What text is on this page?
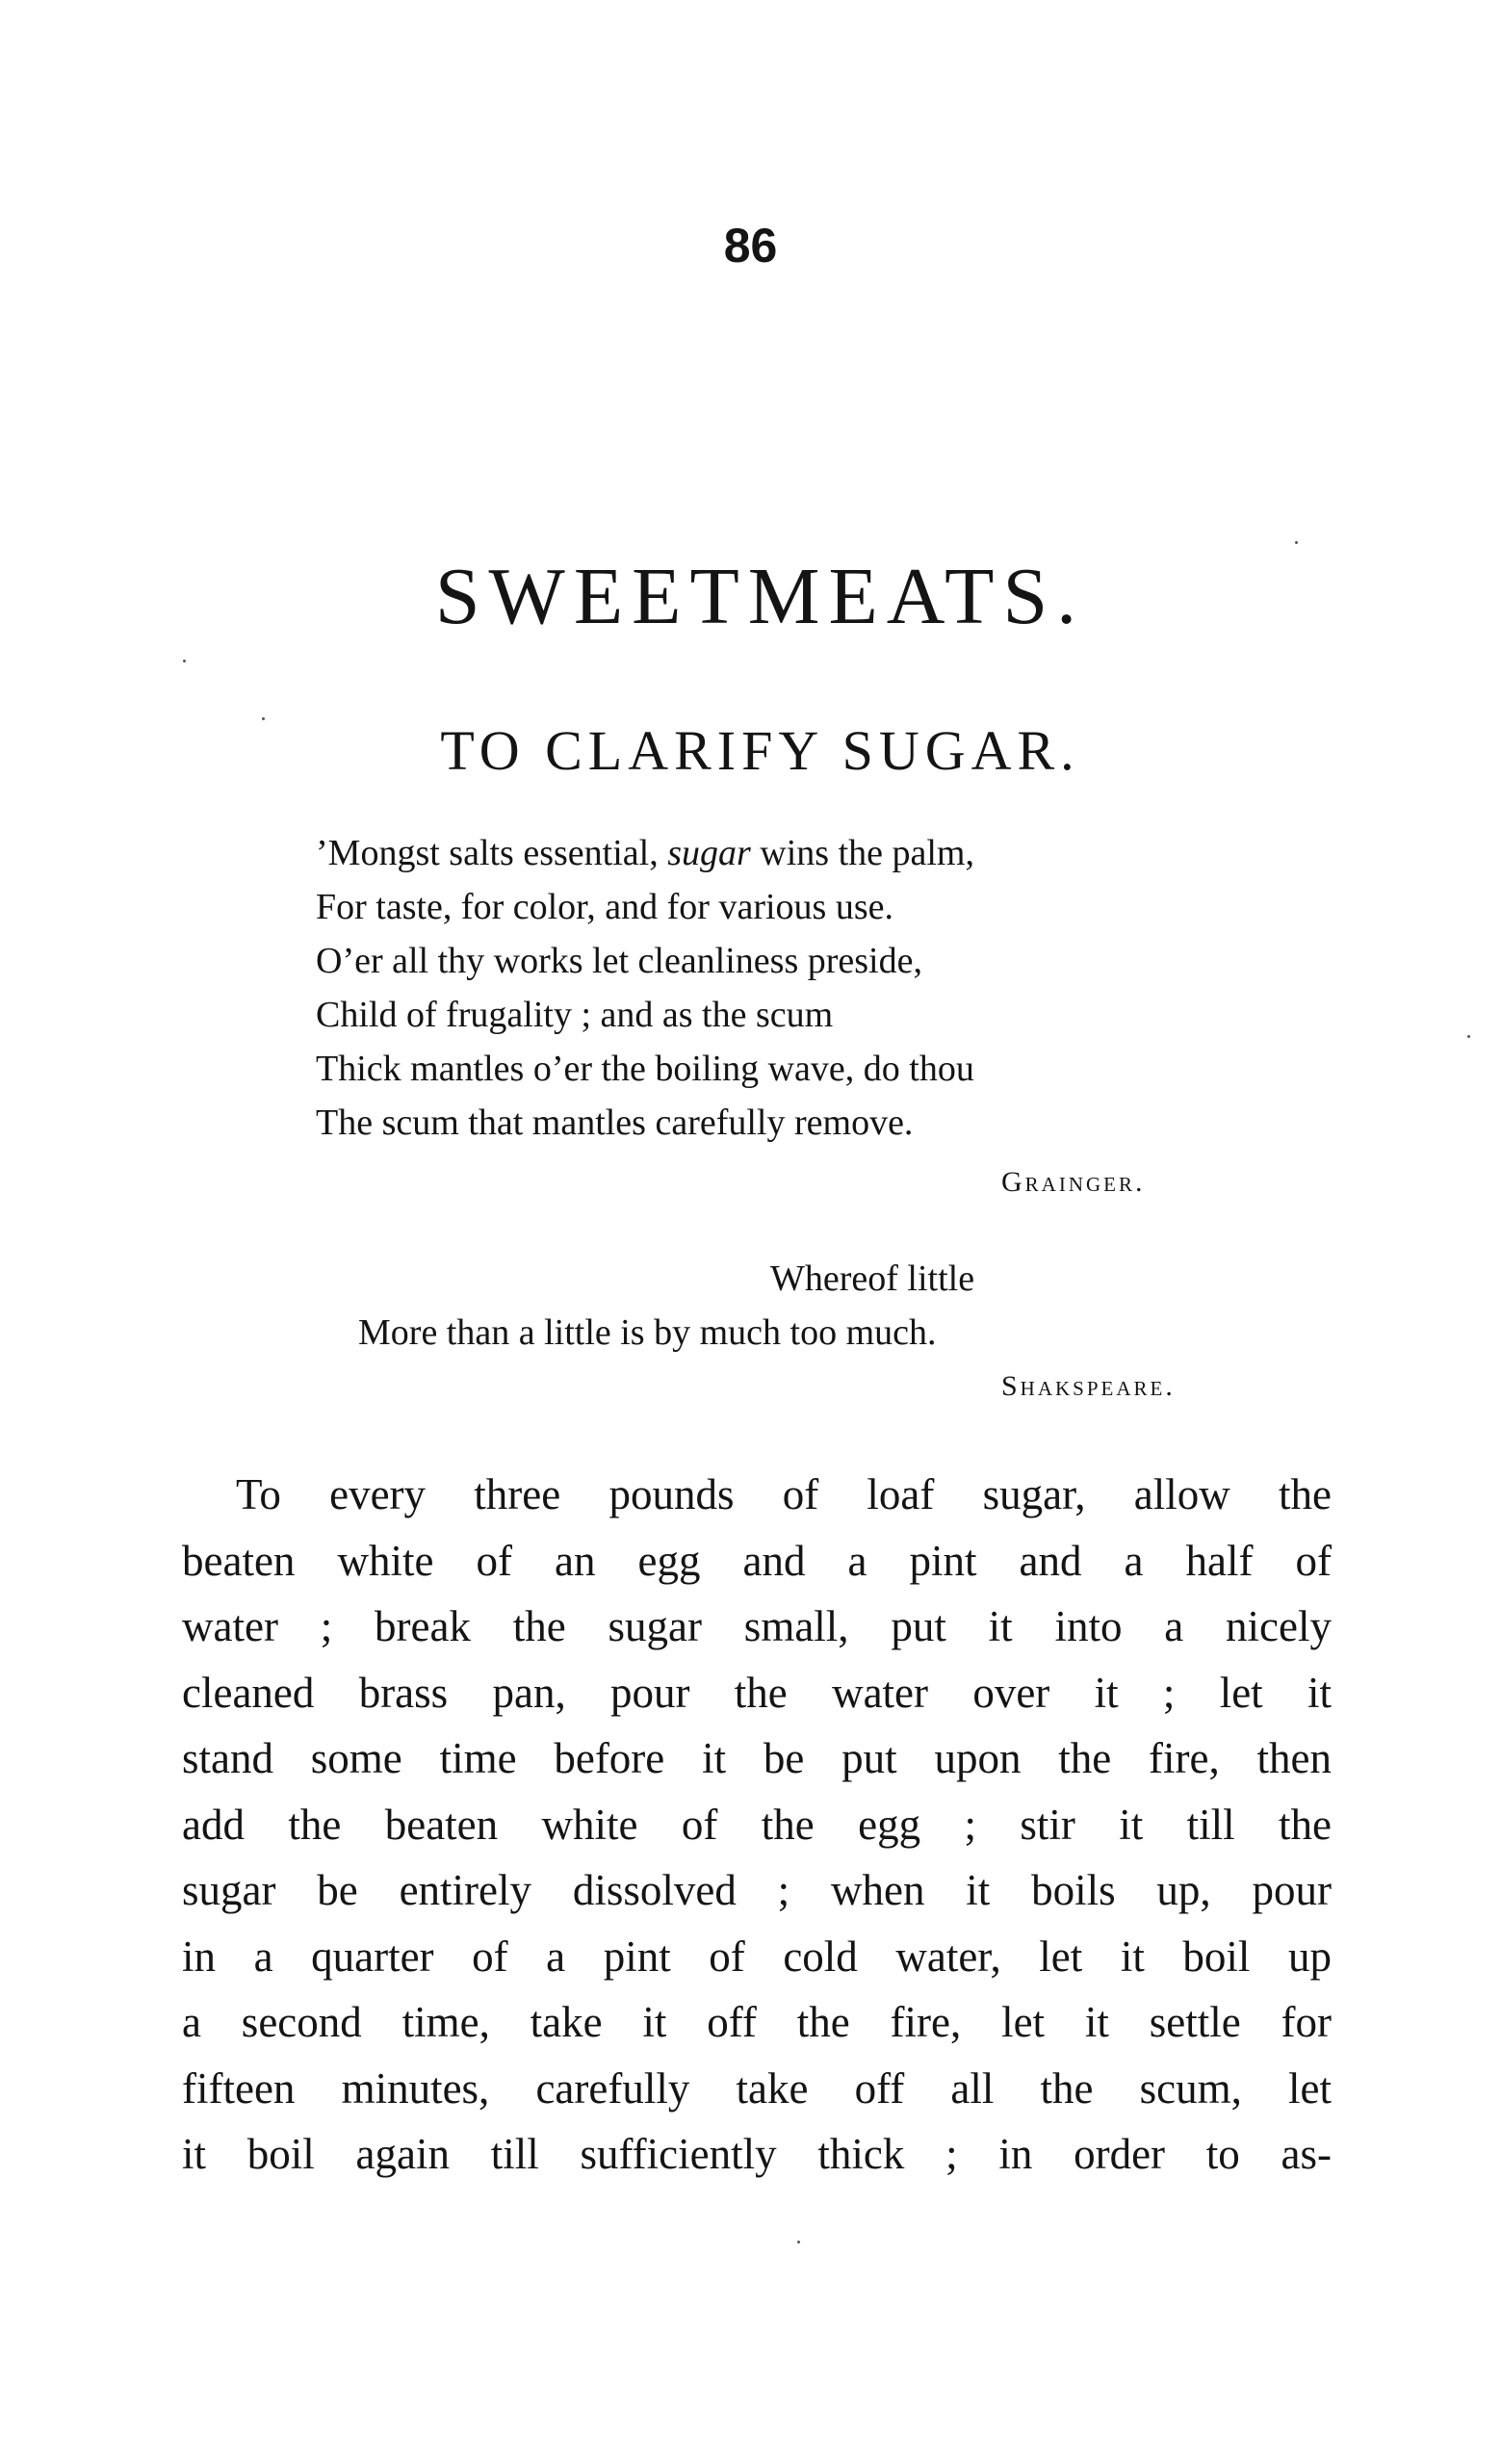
86
SWEETMEATS.
TO CLARIFY SUGAR.
’Mongst salts essential, sugar wins the palm,
For taste, for color, and for various use.
O’er all thy works let cleanliness preside,
Child of frugality ; and as the scum
Thick mantles o’er the boiling wave, do thou
The scum that mantles carefully remove.
Grainger.
Whereof little
More than a little is by much too much.
Shakspeare.
To every three pounds of loaf sugar, allow the
beaten white of an egg and a pint and a half of
water ; break the sugar small, put it into a nicely
cleaned brass pan, pour the water over it ; let it
stand some time before it be put upon the fire, then
add the beaten white of the egg ; stir it till the
sugar be entirely dissolved ; when it boils up, pour
in a quarter of a pint of cold water, let it boil up
a second time, take it off the fire, let it settle for
fifteen minutes, carefully take off all the scum, let
it boil again till sufficiently thick ; in order to as-
